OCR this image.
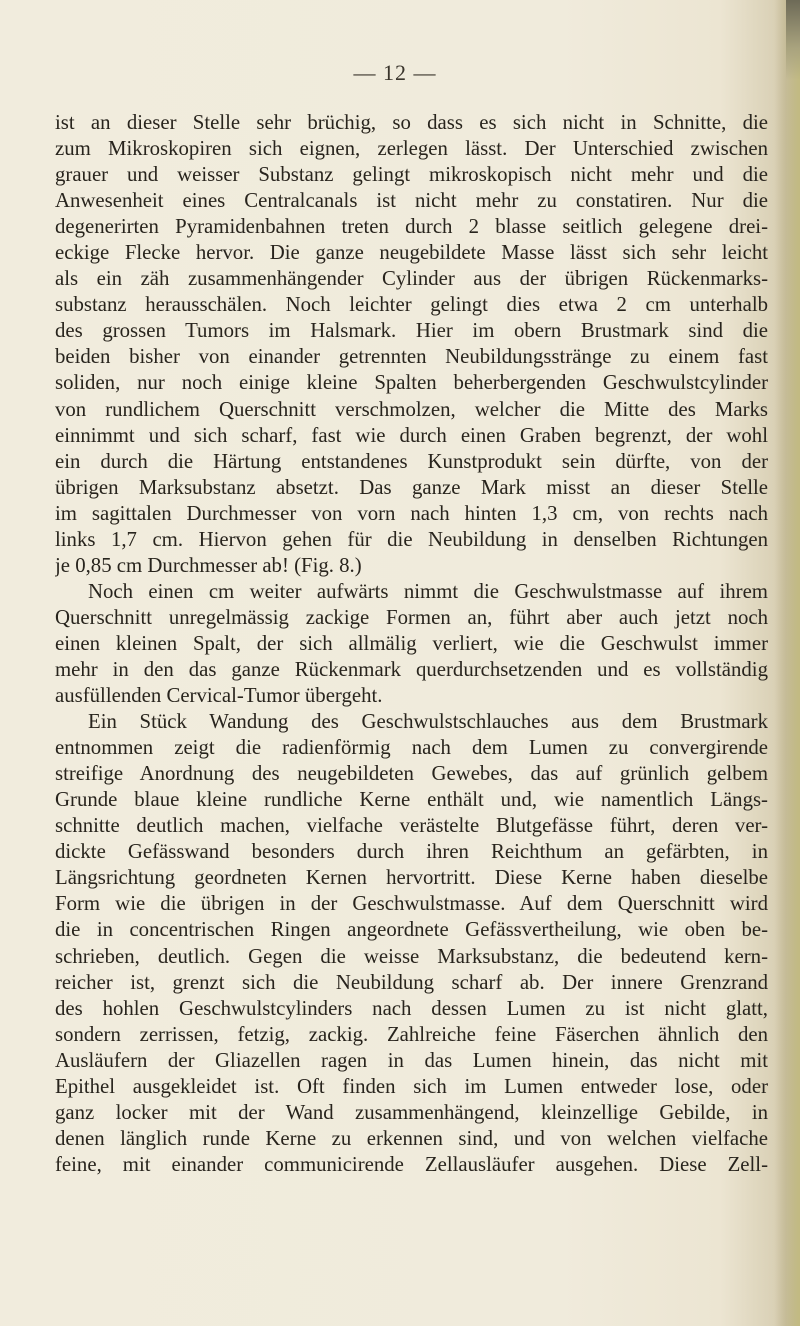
— 12 —
ist an dieser Stelle sehr brüchig, so dass es sich nicht in Schnitte, die
zum Mikroskopiren sich eignen, zerlegen lässt. Der Unterschied zwischen
grauer und weisser Substanz gelingt mikroskopisch nicht mehr und die
Anwesenheit eines Centralcanals ist nicht mehr zu constatiren. Nur die
degenerirten Pyramidenbahnen treten durch 2 blasse seitlich gelegene drei-
eckige Flecke hervor. Die ganze neugebildete Masse lässt sich sehr leicht
als ein zäh zusammenhängender Cylinder aus der übrigen Rückenmarks-
substanz herausschälen. Noch leichter gelingt dies etwa 2 cm unterhalb
des grossen Tumors im Halsmark. Hier im obern Brustmark sind die
beiden bisher von einander getrennten Neubildungsstränge zu einem fast
soliden, nur noch einige kleine Spalten beherbergenden Geschwulstcylinder
von rundlichem Querschnitt verschmolzen, welcher die Mitte des Marks
einnimmt und sich scharf, fast wie durch einen Graben begrenzt, der wohl
ein durch die Härtung entstandenes Kunstprodukt sein dürfte, von der
übrigen Marksubstanz absetzt. Das ganze Mark misst an dieser Stelle
im sagittalen Durchmesser von vorn nach hinten 1,3 cm, von rechts nach
links 1,7 cm. Hiervon gehen für die Neubildung in denselben Richtungen
je 0,85 cm Durchmesser ab! (Fig. 8.)
Noch einen cm weiter aufwärts nimmt die Geschwulstmasse auf ihrem
Querschnitt unregelmässig zackige Formen an, führt aber auch jetzt noch
einen kleinen Spalt, der sich allmälig verliert, wie die Geschwulst immer
mehr in den das ganze Rückenmark querdurchsetzenden und es vollständig
ausfüllenden Cervical-Tumor übergeht.
Ein Stück Wandung des Geschwulstschlauches aus dem Brustmark
entnommen zeigt die radienförmig nach dem Lumen zu convergirende
streifige Anordnung des neugebildeten Gewebes, das auf grünlich gelbem
Grunde blaue kleine rundliche Kerne enthält und, wie namentlich Längs-
schnitte deutlich machen, vielfache verästelte Blutgefässe führt, deren ver-
dickte Gefässwand besonders durch ihren Reichthum an gefärbten, in
Längsrichtung geordneten Kernen hervortritt. Diese Kerne haben dieselbe
Form wie die übrigen in der Geschwulstmasse. Auf dem Querschnitt wird
die in concentrischen Ringen angeordnete Gefässvertheilung, wie oben be-
schrieben, deutlich. Gegen die weisse Marksubstanz, die bedeutend kern-
reicher ist, grenzt sich die Neubildung scharf ab. Der innere Grenzrand
des hohlen Geschwulstcylinders nach dessen Lumen zu ist nicht glatt,
sondern zerrissen, fetzig, zackig. Zahlreiche feine Fäserchen ähnlich den
Ausläufern der Gliazellen ragen in das Lumen hinein, das nicht mit
Epithel ausgekleidet ist. Oft finden sich im Lumen entweder lose, oder
ganz locker mit der Wand zusammenhängend, kleinzellige Gebilde, in
denen länglich runde Kerne zu erkennen sind, und von welchen vielfache
feine, mit einander communicirende Zellausläufer ausgehen. Diese Zell-
